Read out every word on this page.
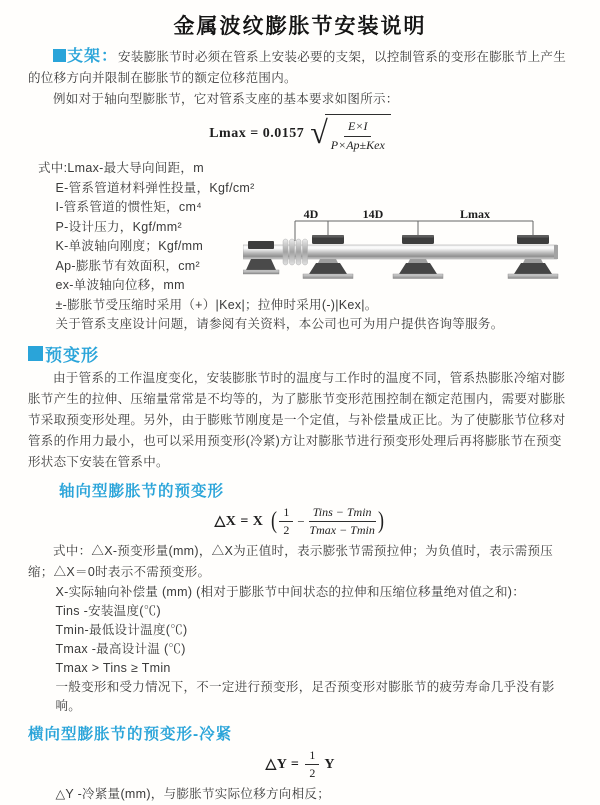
金属波纹膨胀节安装说明

支架：安装膨胀节时必须在管系上安装必要的支架，以控制管系的变形在膨胀节上产生的位移方向并限制在膨胀节的额定位移范围内。

例如对于轴向型膨胀节，它对管系支座的基本要求如图所示：

Lmax = 0.0157 √ $\frac{E\times I}{\text{P×Ap±Kex}}$
式中:Lmax-最大导向间距，m
E-管系管道材料弹性投量，Kgf/cm²
I-管系管道的惯性矩，cm⁴
P-设计压力，Kgf/mm²
K-单波轴向刚度；Kgf/mm
Ap-膨胀节有效面积，cm²
ex-单波轴向位移，mm
±-膨胀节受压缩时采用（+）|Kex|；拉伸时采用(-)|Kex|。
关于管系支座设计问题，请参阅有关资料，本公司也可为用户提供咨询等服务。
预变形

由于管系的工作温度变化，安装膨胀节时的温度与工作时的温度不同，管系热膨胀冷缩对膨胀节产生的拉伸、压缩量常常是不均等的，为了膨胀节变形范围控制在额定范围内，需要对膨胀节采取预变形处理。另外，由于膨账节刚度是一个定值，与补偿量成正比。为了使膨胀节位移对管系的作用力最小，也可以采用预变形(冷紧)方让对膨胀节进行预变形处理后再将膨胀节在预变形状态下安装在管系中。

轴向型膨胀节的预变形
△X = X ( $\frac{1}{2} - \frac{\text{Tins − Tmin}}{Tmax - Tmin}$ )

式中：△X-预变形量(mm)，△X为正值时，表示膨张节需预拉伸；为负值时，表示需预压缩；△X＝0时表示不需预变形。

X-实际轴向补偿量 (mm) (相对于膨胀节中间状态的拉伸和压缩位移量绝对值之和)：
Tins -安装温度(℃)
Tmin-最低设计温度(℃)
Tmax -最高设计温 (℃)
Tmax > Tins ≥ Tmin
一般变形和受力情况下，不一定进行预变形，足否预变形对膨胀节的疲劳寿命几乎没有影响。
横向型膨胀节的预变形-冷紧
△Y = $\frac{1}{2}$ Y
△Y -冷紧量(mm)，与膨胀节实际位移方向相反；
4D	14D	Lmax
